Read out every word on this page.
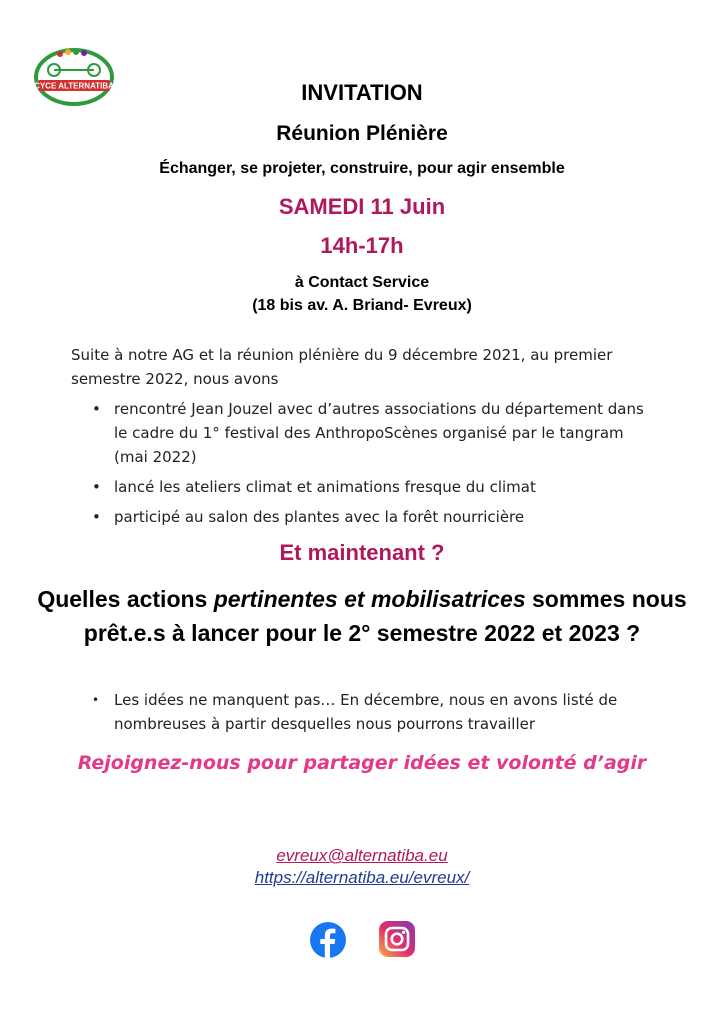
CYCE ALTERNATIBA	INVITATION
Réunion Plénière
Échanger, se projeter, construire, pour agir ensemble
SAMEDI 11 Juin
14h-17h
à Contact Service
(18 bis av. A. Briand- Evreux)
Suite à notre AG et la réunion plénière du 9 décembre 2021, au premier semestre 2022, nous avons
• rencontré Jean Jouzel avec d’autres associations du département dans le cadre du 1° festival des AnthropoScènes organisé par le tangram (mai 2022)
• lancé les ateliers climat et animations fresque du climat
• participé au salon des plantes avec la forêt nourricière
Et maintenant ?
Quelles actions pertinentes et mobilisatrices sommes nous prêt.e.s à lancer pour le 2° semestre 2022 et 2023 ?
• Les idées ne manquent pas… En décembre, nous en avons listé de nombreuses à partir desquelles nous pourrons travailler
Rejoignez-nous pour partager idées et volonté d’agir
evreux@alternatiba.eu
https://alternatiba.eu/evreux/
